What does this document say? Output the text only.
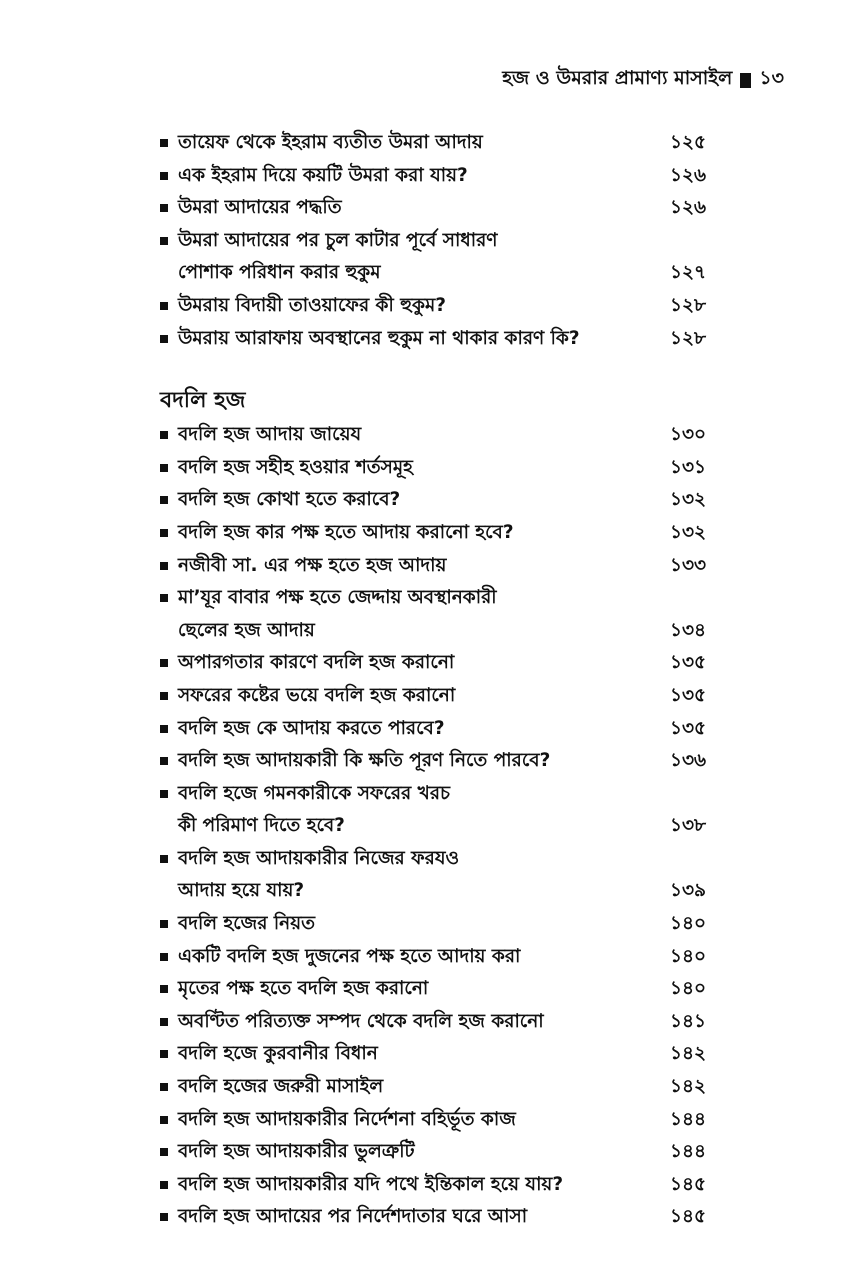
হজ ও উমরার প্রামাণ্য মাসাইল ১৩
তায়েফ থেকে ইহরাম ব্যতীত উমরা আদায়	১২৫
এক ইহরাম দিয়ে কয়টি উমরা করা যায়?	১২৬
উমরা আদায়ের পদ্ধতি	১২৬
উমরা আদায়ের পর চুল কাটার পূর্বে সাধারণ
পোশাক পরিধান করার হুকুম	১২৭
উমরায় বিদায়ী তাওয়াফের কী হুকুম?	১২৮
উমরায় আরাফায় অবস্থানের হুকুম না থাকার কারণ কি?	১২৮
বদলি হজ
বদলি হজ আদায় জায়েয	১৩০
বদলি হজ সহীহ হওয়ার শর্তসমূহ	১৩১
বদলি হজ কোথা হতে করাবে?	১৩২
বদলি হজ কার পক্ষ হতে আদায় করানো হবে?	১৩২
নজীবী সা. এর পক্ষ হতে হজ আদায়	১৩৩
মা’যূর বাবার পক্ষ হতে জেদ্দায় অবস্থানকারী
ছেলের হজ আদায়	১৩৪
অপারগতার কারণে বদলি হজ করানো	১৩৫
সফরের কষ্টের ভয়ে বদলি হজ করানো	১৩৫
বদলি হজ কে আদায় করতে পারবে?	১৩৫
বদলি হজ আদায়কারী কি ক্ষতি পূরণ নিতে পারবে?	১৩৬
বদলি হজে গমনকারীকে সফরের খরচ
কী পরিমাণ দিতে হবে?	১৩৮
বদলি হজ আদায়কারীর নিজের ফরযও
আদায় হয়ে যায়?	১৩৯
বদলি হজের নিয়ত	১৪০
একটি বদলি হজ দুজনের পক্ষ হতে আদায় করা	১৪০
মৃতের পক্ষ হতে বদলি হজ করানো	১৪০
অবণ্টিত পরিত্যক্ত সম্পদ থেকে বদলি হজ করানো	১৪১
বদলি হজে কুরবানীর বিধান	১৪২
বদলি হজের জরুরী মাসাইল	১৪২
বদলি হজ আদায়কারীর নির্দেশনা বহির্ভূত কাজ	১৪৪
বদলি হজ আদায়কারীর ভুলত্রুটি	১৪৪
বদলি হজ আদায়কারীর যদি পথে ইন্তিকাল হয়ে যায়?	১৪৫
বদলি হজ আদায়ের পর নির্দেশদাতার ঘরে আসা	১৪৫
